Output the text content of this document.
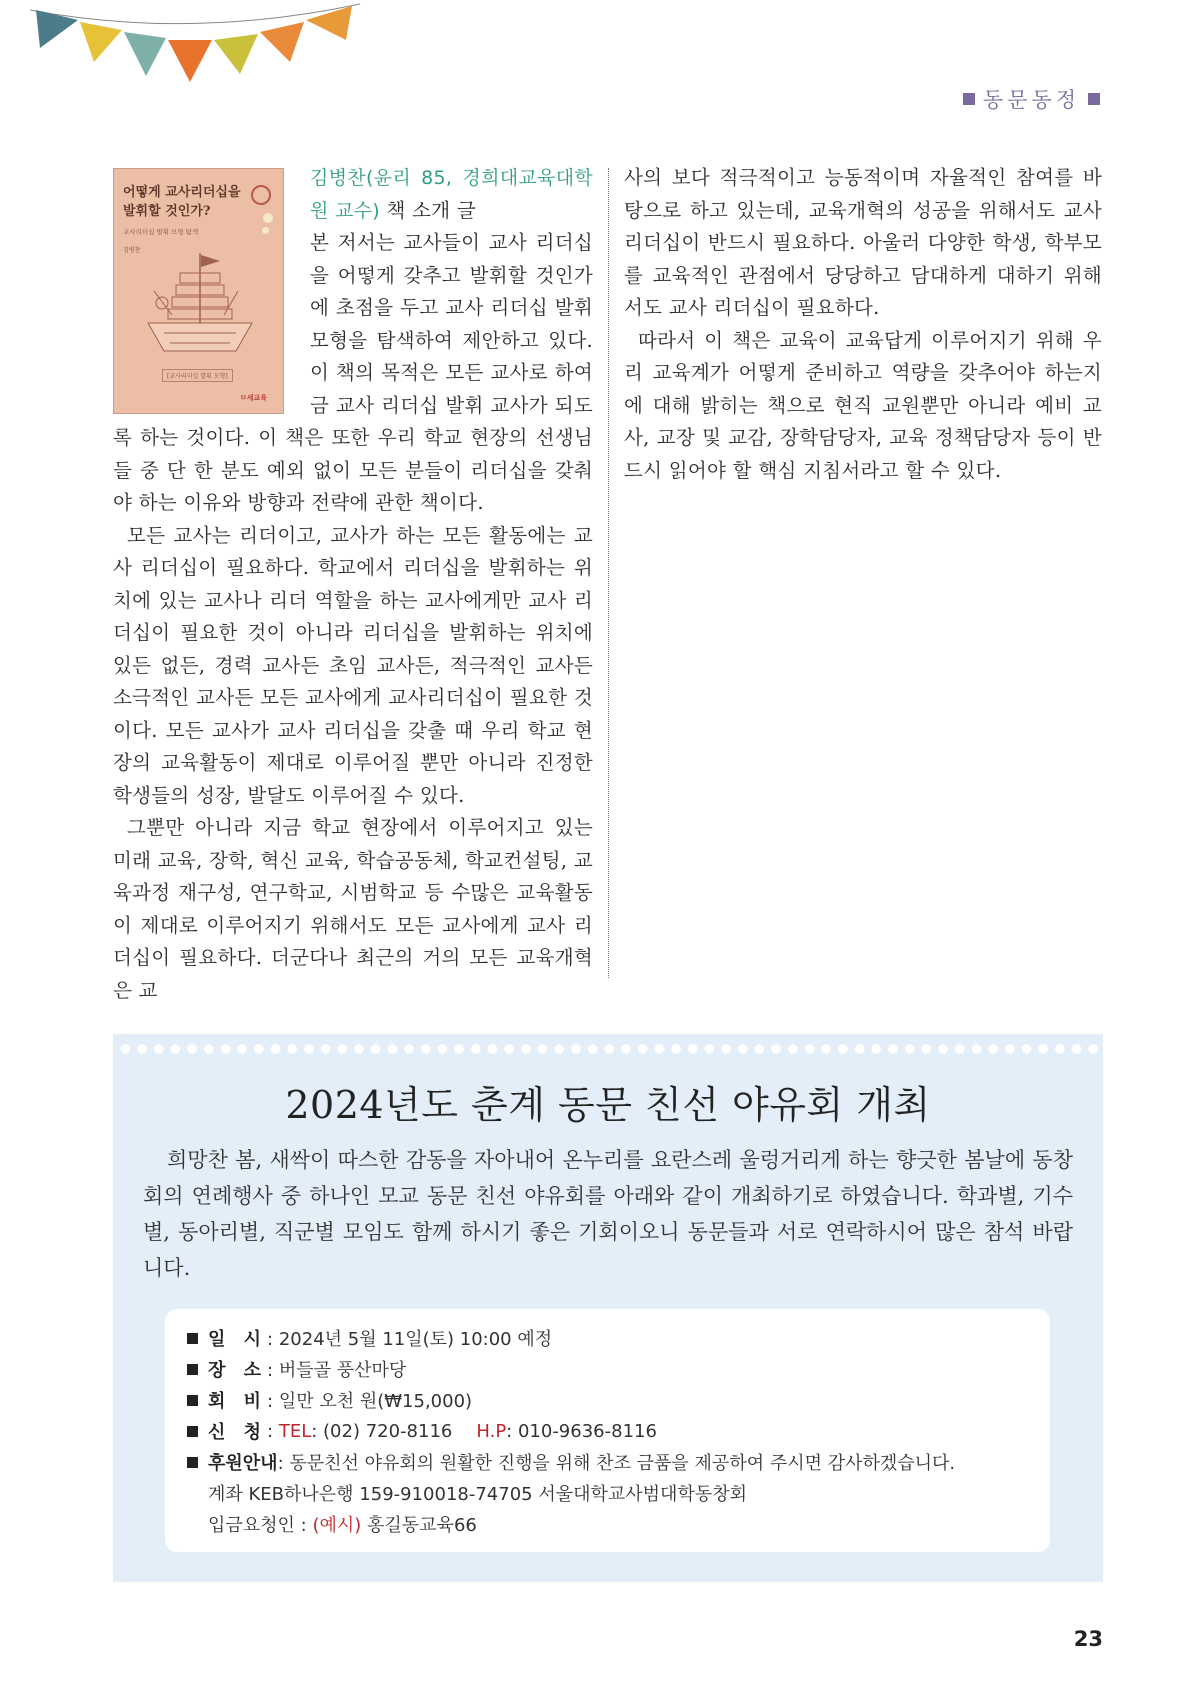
동문동정
어떻게 교사리더십을 발휘할 것인가?
교사리더십 발휘 모형 탐색
김병찬
[교사리더십 발휘 모형]
ㅁ세교육

김병찬(윤리 85, 경희대교육대학원 교수) 책 소개 글

본 저서는 교사들이 교사 리더십을 어떻게 갖추고 발휘할 것인가에 초점을 두고 교사 리더십 발휘 모형을 탐색하여 제안하고 있다. 이 책의 목적은 모든 교사로 하여금 교사 리더십 발휘 교사가 되도록 하는 것이다. 이 책은 또한 우리 학교 현장의 선생님들 중 단 한 분도 예외 없이 모든 분들이 리더십을 갖춰야 하는 이유와 방향과 전략에 관한 책이다.

모든 교사는 리더이고, 교사가 하는 모든 활동에는 교사 리더십이 필요하다. 학교에서 리더십을 발휘하는 위치에 있는 교사나 리더 역할을 하는 교사에게만 교사 리더십이 필요한 것이 아니라 리더십을 발휘하는 위치에 있든 없든, 경력 교사든 초임 교사든, 적극적인 교사든 소극적인 교사든 모든 교사에게 교사리더십이 필요한 것이다. 모든 교사가 교사 리더십을 갖출 때 우리 학교 현장의 교육활동이 제대로 이루어질 뿐만 아니라 진정한 학생들의 성장, 발달도 이루어질 수 있다.

그뿐만 아니라 지금 학교 현장에서 이루어지고 있는 미래 교육, 장학, 혁신 교육, 학습공동체, 학교컨설팅, 교육과정 재구성, 연구학교, 시범학교 등 수많은 교육활동이 제대로 이루어지기 위해서도 모든 교사에게 교사 리더십이 필요하다. 더군다나 최근의 거의 모든 교육개혁은 교

사의 보다 적극적이고 능동적이며 자율적인 참여를 바탕으로 하고 있는데, 교육개혁의 성공을 위해서도 교사 리더십이 반드시 필요하다. 아울러 다양한 학생, 학부모를 교육적인 관점에서 당당하고 담대하게 대하기 위해서도 교사 리더십이 필요하다.

따라서 이 책은 교육이 교육답게 이루어지기 위해 우리 교육계가 어떻게 준비하고 역량을 갖추어야 하는지에 대해 밝히는 책으로 현직 교원뿐만 아니라 예비 교사, 교장 및 교감, 장학담당자, 교육 정책담당자 등이 반드시 읽어야 할 핵심 지침서라고 할 수 있다.

2024년도 춘계 동문 친선 야유회 개최

희망찬 봄, 새싹이 따스한 감동을 자아내어 온누리를 요란스레 울렁거리게 하는 향긋한 봄날에 동창회의 연례행사 중 하나인 모교 동문 친선 야유회를 아래와 같이 개최하기로 하였습니다. 학과별, 기수별, 동아리별, 직군별 모임도 함께 하시기 좋은 기회이오니 동문들과 서로 연락하시어 많은 참석 바랍니다.

일 시 : 2024년 5월 11일(토) 10:00 예정
장 소 : 버들골 풍산마당
회 비 : 일만 오천 원(₩15,000)
신 청 : TEL : (02) 720-8116 H.P : 010-9636-8116
후원안내 : 동문친선 야유회의 원활한 진행을 위해 찬조 금품을 제공하여 주시면 감사하겠습니다.
계좌 KEB하나은행 159-910018-74705 서울대학교사범대학동창회
입금요청인 : (예시) 홍길동교육66
23
